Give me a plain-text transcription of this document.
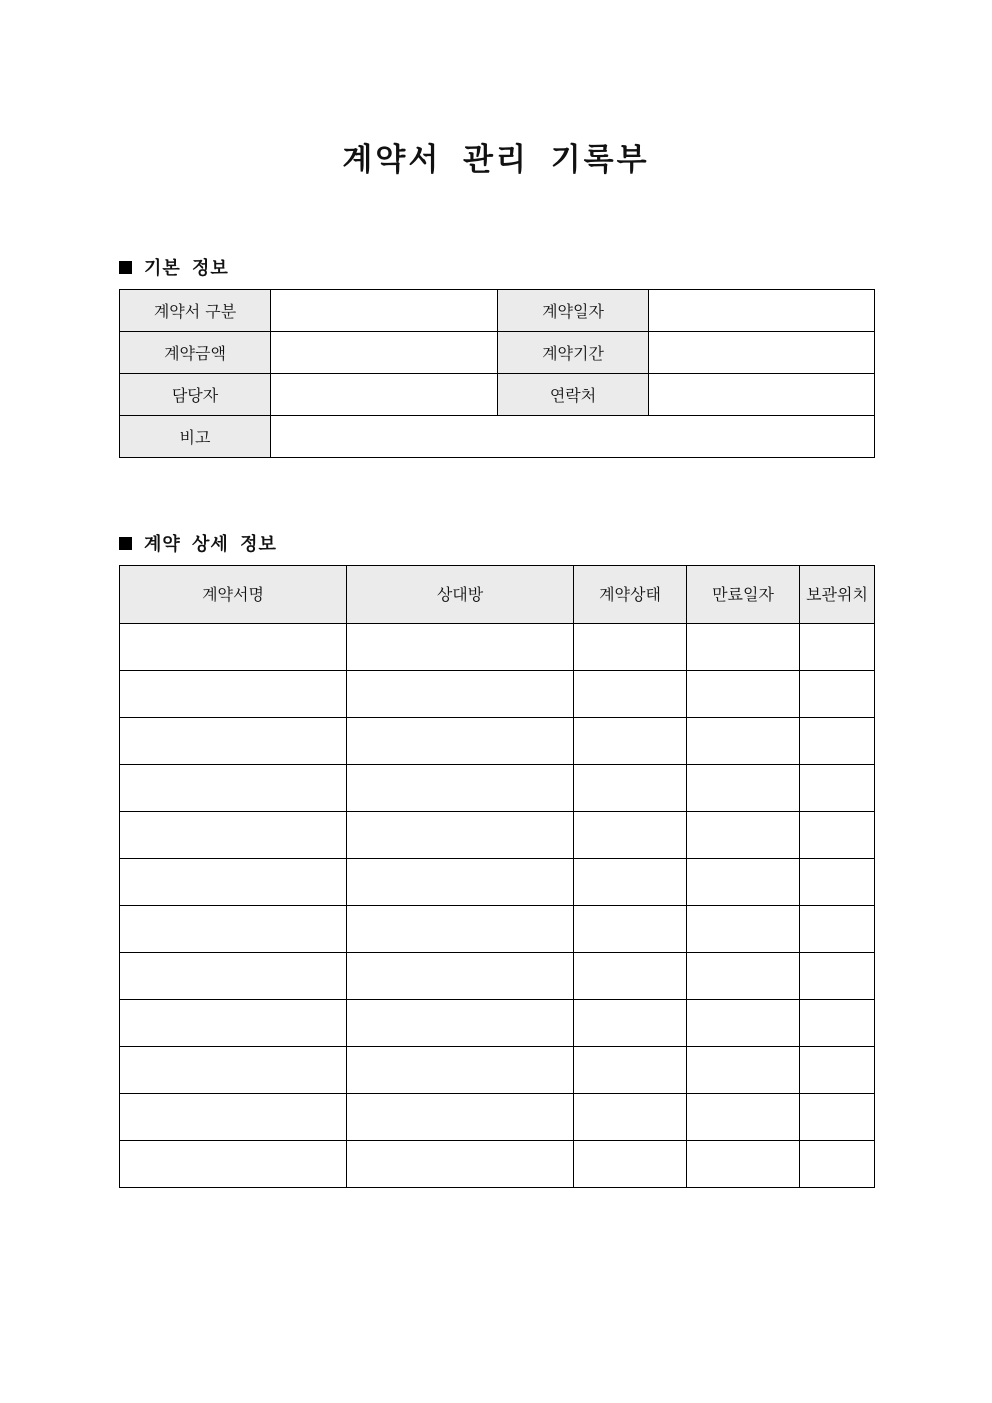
계약서 관리 기록부
기본 정보
계약서 구분		계약일자	
계약금액		계약기간	
담당자		연락처	
비고			
계약 상세 정보
계약서명	상대방	계약상태	만료일자	보관위치
